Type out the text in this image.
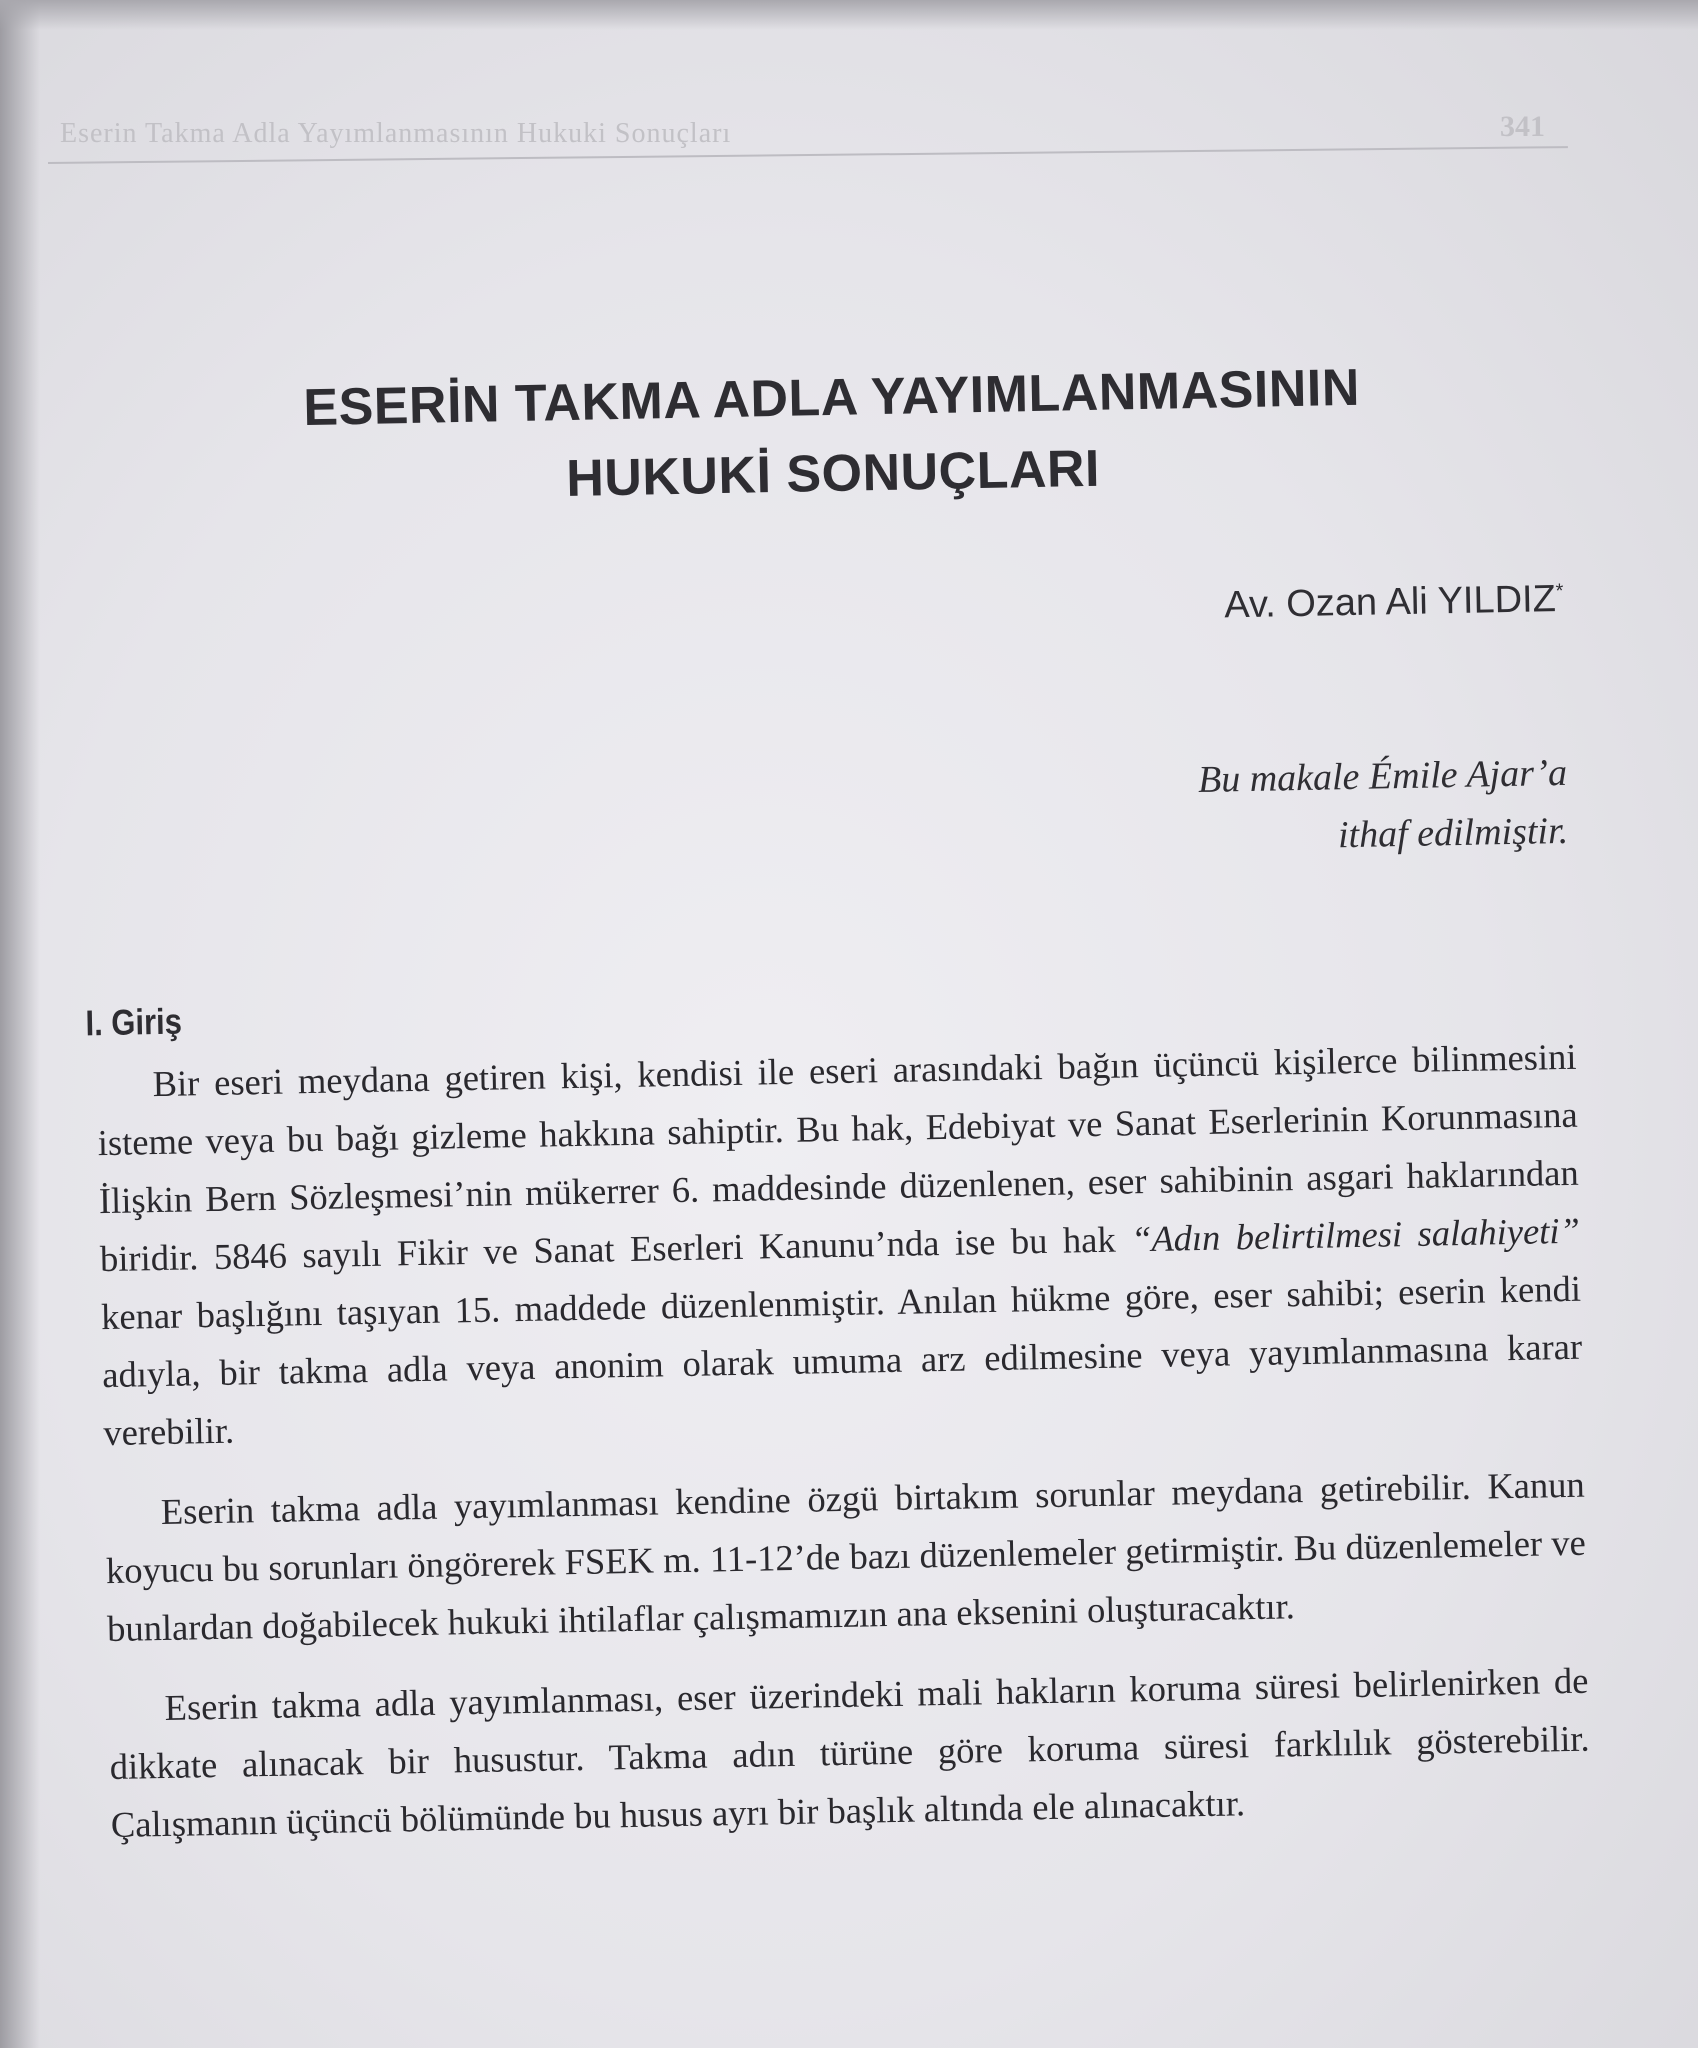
Eserin Takma Adla Yayımlanmasının Hukuki Sonuçları	341
ESERİN TAKMA ADLA YAYIMLANMASININ
HUKUKİ SONUÇLARI
Av. Ozan Ali YILDIZ*
Bu makale Émile Ajar’a
ithaf edilmiştir.
I. Giriş

Bir eseri meydana getiren kişi, kendisi ile eseri arasındaki bağın üçüncü kişilerce bilinmesini isteme veya bu bağı gizleme hakkına sahiptir. Bu hak, Edebiyat ve Sanat Eserlerinin Korunmasına İlişkin Bern Sözleşmesi’nin mükerrer 6. maddesinde düzenlenen, eser sahibinin asgari haklarından biridir. 5846 sayılı Fikir ve Sanat Eserleri Kanunu’nda ise bu hak “Adın belirtilmesi salahiyeti” kenar başlığını taşıyan 15. maddede düzenlenmiştir. Anılan hükme göre, eser sahibi; eserin kendi adıyla, bir takma adla veya anonim olarak umuma arz edilmesine veya yayımlanmasına karar verebilir.

Eserin takma adla yayımlanması kendine özgü birtakım sorunlar meydana getirebilir. Kanun koyucu bu sorunları öngörerek FSEK m. 11-12’de bazı düzenlemeler getirmiştir. Bu düzenlemeler ve bunlardan doğabilecek hukuki ihtilaflar çalışmamızın ana eksenini oluşturacaktır.

Eserin takma adla yayımlanması, eser üzerindeki mali hakların koruma süresi belirlenirken de dikkate alınacak bir husustur. Takma adın türüne göre koruma süresi farklılık gösterebilir. Çalışmanın üçüncü bölümünde bu husus ayrı bir başlık altında ele alınacaktır.
